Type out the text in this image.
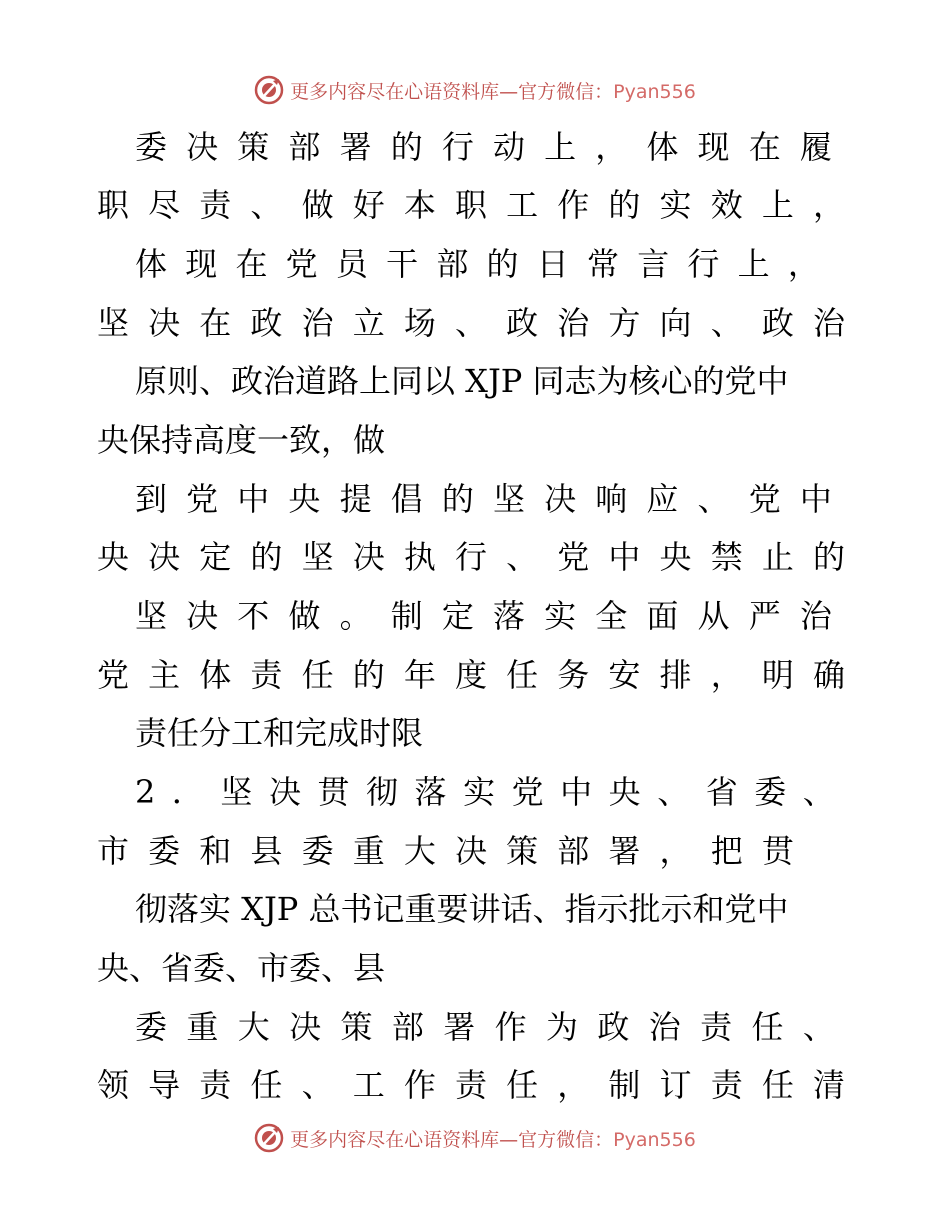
更多内容尽在心语资料库—官方微信：Pyan556
委 决 策 部 署 的 行 动 上 ， 体 现 在 履
职 尽 责 、 做 好 本 职 工 作 的 实 效 上 ，
体 现 在 党 员 干 部 的 日 常 言 行 上 ，
坚 决 在 政 治 立 场 、 政 治 方 向 、 政 治
原则、政治道路上同以 XJP 同志为核心的党中
央保持高度一致，做
到 党 中 央 提 倡 的 坚 决 响 应 、 党 中
央 决 定 的 坚 决 执 行 、 党 中 央 禁 止 的
坚 决 不 做 。 制 定 落 实 全 面 从 严 治
党 主 体 责 任 的 年 度 任 务 安 排 ， 明 确
责任分工和完成时限
2 ． 坚 决 贯 彻 落 实 党 中 央 、 省 委 、
市 委 和 县 委 重 大 决 策 部 署 ， 把 贯
彻落实 XJP 总书记重要讲话、指示批示和党中
央、省委、市委、县
委 重 大 决 策 部 署 作 为 政 治 责 任 、
领 导 责 任 、 工 作 责 任 ， 制 订 责 任 清
更多内容尽在心语资料库—官方微信：Pyan556
